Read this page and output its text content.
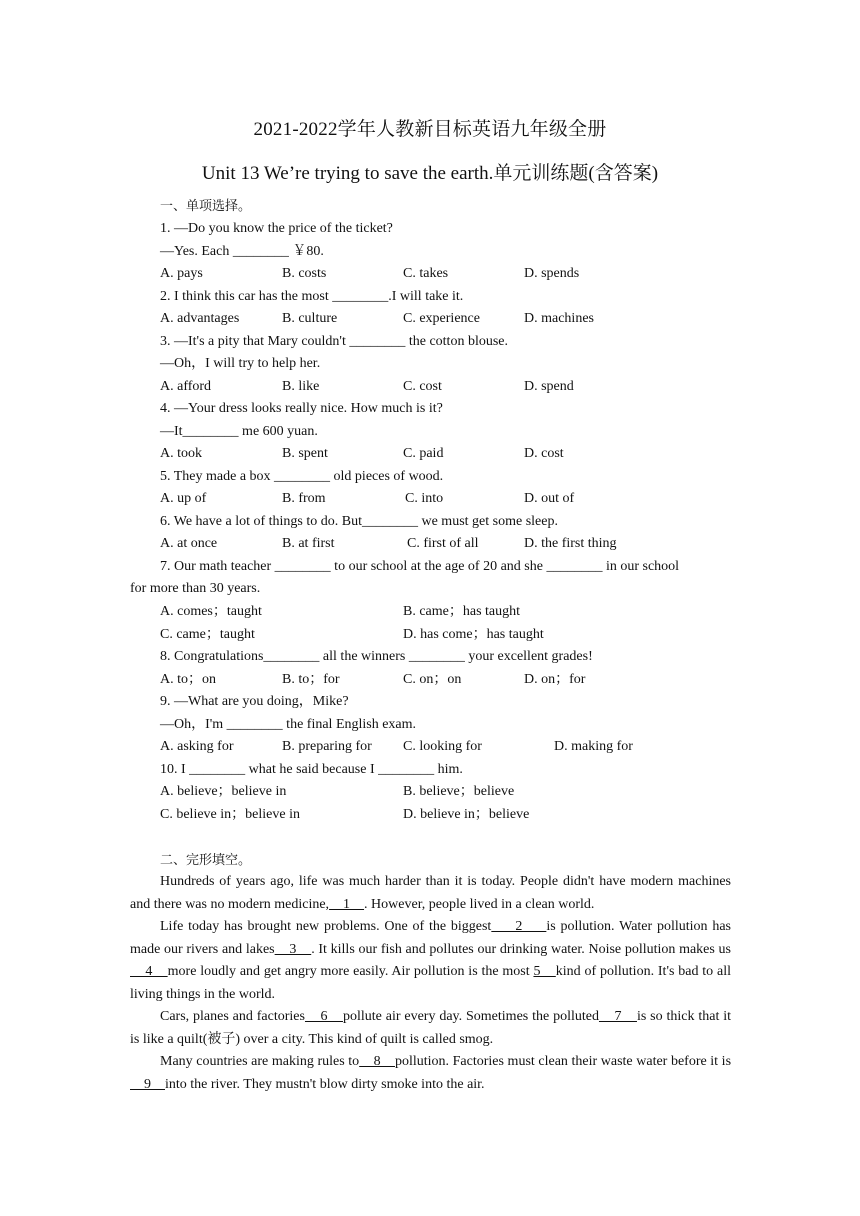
2021-2022学年人教新目标英语九年级全册
Unit 13 We’re trying to save the earth.单元训练题(含答案)
一、单项选择。
1. —Do you know the price of the ticket?
—Yes. Each ________ ￥80.
A. pays	B. costs	C. takes	D. spends
2. I think this car has the most ________.I will take it.
A. advantages	B. culture	C. experience	D. machines
3. —It's a pity that Mary couldn't ________ the cotton blouse.
—Oh，I will try to help her.
A. afford	B. like	C. cost	D. spend
4. —Your dress looks really nice. How much is it?
—It________ me 600 yuan.
A. took	B. spent	C. paid	D. cost
5. They made a box ________ old pieces of wood.
A. up of	B. from	C. into	D. out of
6. We have a lot of things to do. But________ we must get some sleep.
A. at once	B. at first	C. first of all	D. the first thing
7. Our math teacher ________ to our school at the age of 20 and she ________ in our school
for more than 30 years.
A. comes；taught	B. came；has taught
C. came；taught	D. has come；has taught
8. Congratulations________ all the winners ________ your excellent grades!
A. to；on	B. to；for	C. on；on	D. on；for
9. —What are you doing，Mike?
—Oh，I'm ________ the final English exam.
A. asking for	B. preparing for C. looking for	D. making for
10. I ________ what he said because I ________ him.
A. believe；believe in	B. believe；believe
C. believe in；believe in	D. believe in；believe
二、完形填空。
Hundreds of years ago, life was much harder than it is today. People didn't have modern machines and there was no modern medicine,    1    . However, people lived in a clean world.
Life today has brought new problems. One of the biggest     2     is pollution. Water pollution has made our rivers and lakes    3    . It kills our fish and pollutes our drinking water. Noise pollution makes us    4    more loudly and get angry more easily. Air pollution is the most 5    kind of pollution. It's bad to all living things in the world.
Cars, planes and factories    6    pollute air every day. Sometimes the polluted    7    is so thick that it is like a quilt(被子) over a city. This kind of quilt is called smog.
Many countries are making rules to    8    pollution. Factories must clean their waste water before it is    9    into the river. They mustn't blow dirty smoke into the air.
